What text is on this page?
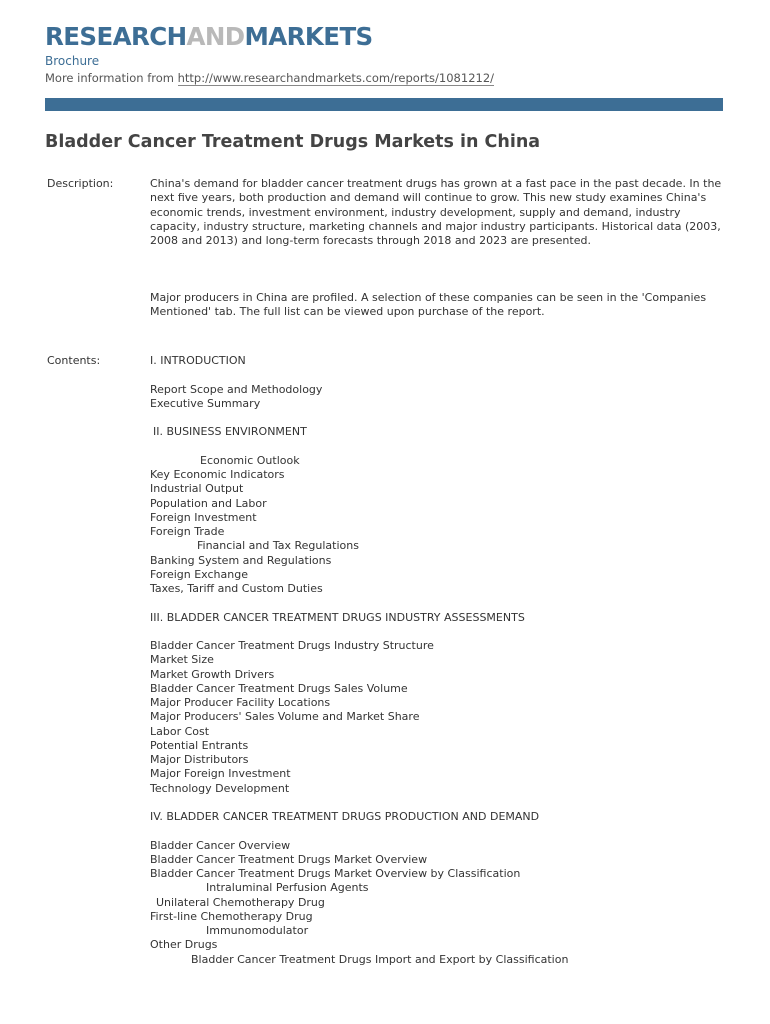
RESEARCHANDMARKETS
Brochure
More information from http://www.researchandmarkets.com/reports/1081212/
Bladder Cancer Treatment Drugs Markets in China
Description:	China's demand for bladder cancer treatment drugs has grown at a fast pace in the past decade. In the next five years, both production and demand will continue to grow. This new study examines China's economic trends, investment environment, industry development, supply and demand, industry capacity, industry structure, marketing channels and major industry participants. Historical data (2003, 2008 and 2013) and long-term forecasts through 2018 and 2023 are presented.
Major producers in China are profiled. A selection of these companies can be seen in the 'Companies Mentioned' tab. The full list can be viewed upon purchase of the report.
Contents:	I. INTRODUCTION
Report Scope and Methodology
Executive Summary
II. BUSINESS ENVIRONMENT
Economic Outlook
Key Economic Indicators
Industrial Output
Population and Labor
Foreign Investment
Foreign Trade
Financial and Tax Regulations
Banking System and Regulations
Foreign Exchange
Taxes, Tariff and Custom Duties
III. BLADDER CANCER TREATMENT DRUGS INDUSTRY ASSESSMENTS
Bladder Cancer Treatment Drugs Industry Structure
Market Size
Market Growth Drivers
Bladder Cancer Treatment Drugs Sales Volume
Major Producer Facility Locations
Major Producers' Sales Volume and Market Share
Labor Cost
Potential Entrants
Major Distributors
Major Foreign Investment
Technology Development
IV. BLADDER CANCER TREATMENT DRUGS PRODUCTION AND DEMAND
Bladder Cancer Overview
Bladder Cancer Treatment Drugs Market Overview
Bladder Cancer Treatment Drugs Market Overview by Classification
Intraluminal Perfusion Agents
Unilateral Chemotherapy Drug
First-line Chemotherapy Drug
Immunomodulator
Other Drugs
Bladder Cancer Treatment Drugs Import and Export by Classification
